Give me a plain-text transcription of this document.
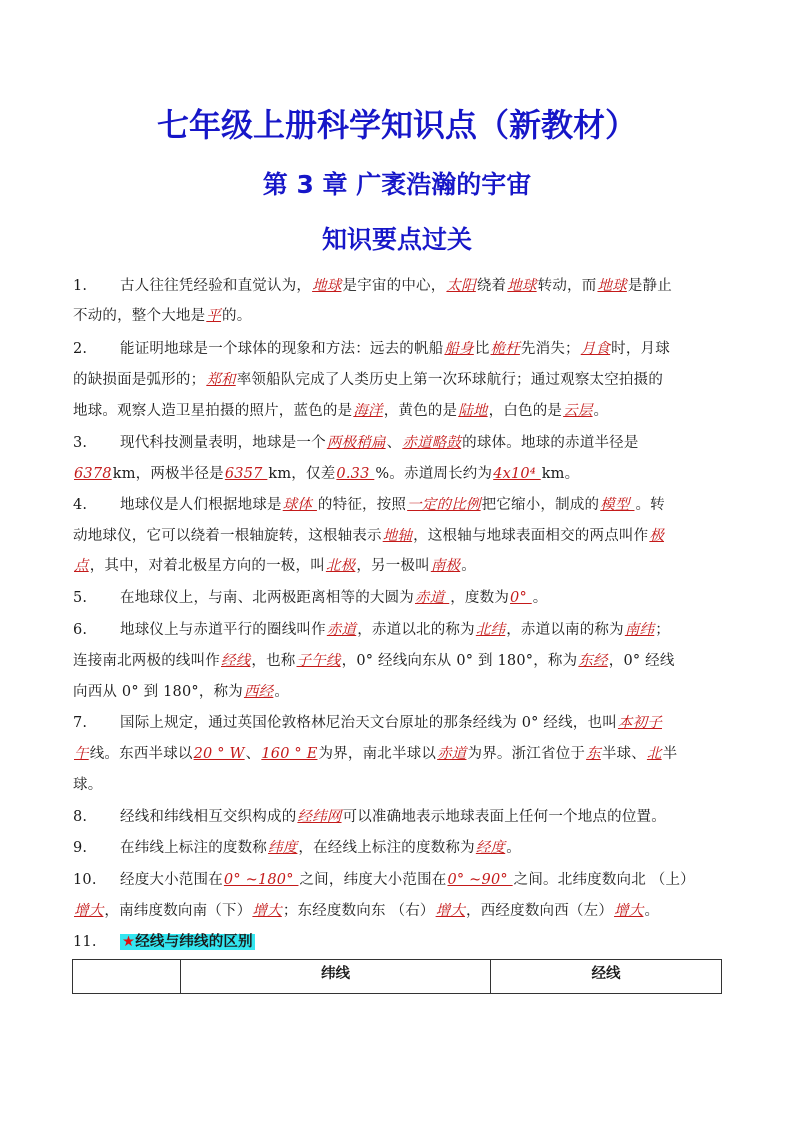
七年级上册科学知识点（新教材）
第 3 章 广袤浩瀚的宇宙
知识要点过关
1. 古人往往凭经验和直觉认为，地球是宇宙的中心，太阳绕着地球转动，而地球是静止
不动的，整个大地是平的。
2. 能证明地球是一个球体的现象和方法：远去的帆船船身比桅杆先消失；月食时，月球
的缺损面是弧形的；郑和率领船队完成了人类历史上第一次环球航行；通过观察太空拍摄的
地球。观察人造卫星拍摄的照片，蓝色的是海洋，黄色的是陆地，白色的是云层。
3. 现代科技测量表明，地球是一个两极稍扁、赤道略鼓的球体。地球的赤道半径是
6378km，两极半径是6357 km，仅差0.33 %。赤道周长约为4x10⁴ km。
4. 地球仪是人们根据地球是球体 的特征，按照一定的比例把它缩小，制成的模型 。转
动地球仪，它可以绕着一根轴旋转，这根轴表示地轴，这根轴与地球表面相交的两点叫作极
点，其中，对着北极星方向的一极，叫北极，另一极叫南极。
5. 在地球仪上，与南、北两极距离相等的大圆为赤道 ，度数为0° 。
6. 地球仪上与赤道平行的圈线叫作赤道，赤道以北的称为北纬，赤道以南的称为南纬；
连接南北两极的线叫作经线，也称子午线，0° 经线向东从 0° 到 180°，称为东经，0° 经线
向西从 0° 到 180°，称为西经。
7. 国际上规定，通过英国伦敦格林尼治天文台原址的那条经线为 0° 经线，也叫本初子
午线。东西半球以20 ° W、160 ° E为界，南北半球以赤道为界。浙江省位于东半球、北半
球。
8. 经线和纬线相互交织构成的经纬网可以准确地表示地球表面上任何一个地点的位置。
9. 在纬线上标注的度数称纬度，在经线上标注的度数称为经度。
10. 经度大小范围在0° ~180° 之间，纬度大小范围在0° ~90° 之间。北纬度数向北 （上）
增大，南纬度数向南（下）增大；东经度数向东 （右）增大，西经度数向西（左）增大。
11. ★经线与纬线的区别
	纬线	经线
